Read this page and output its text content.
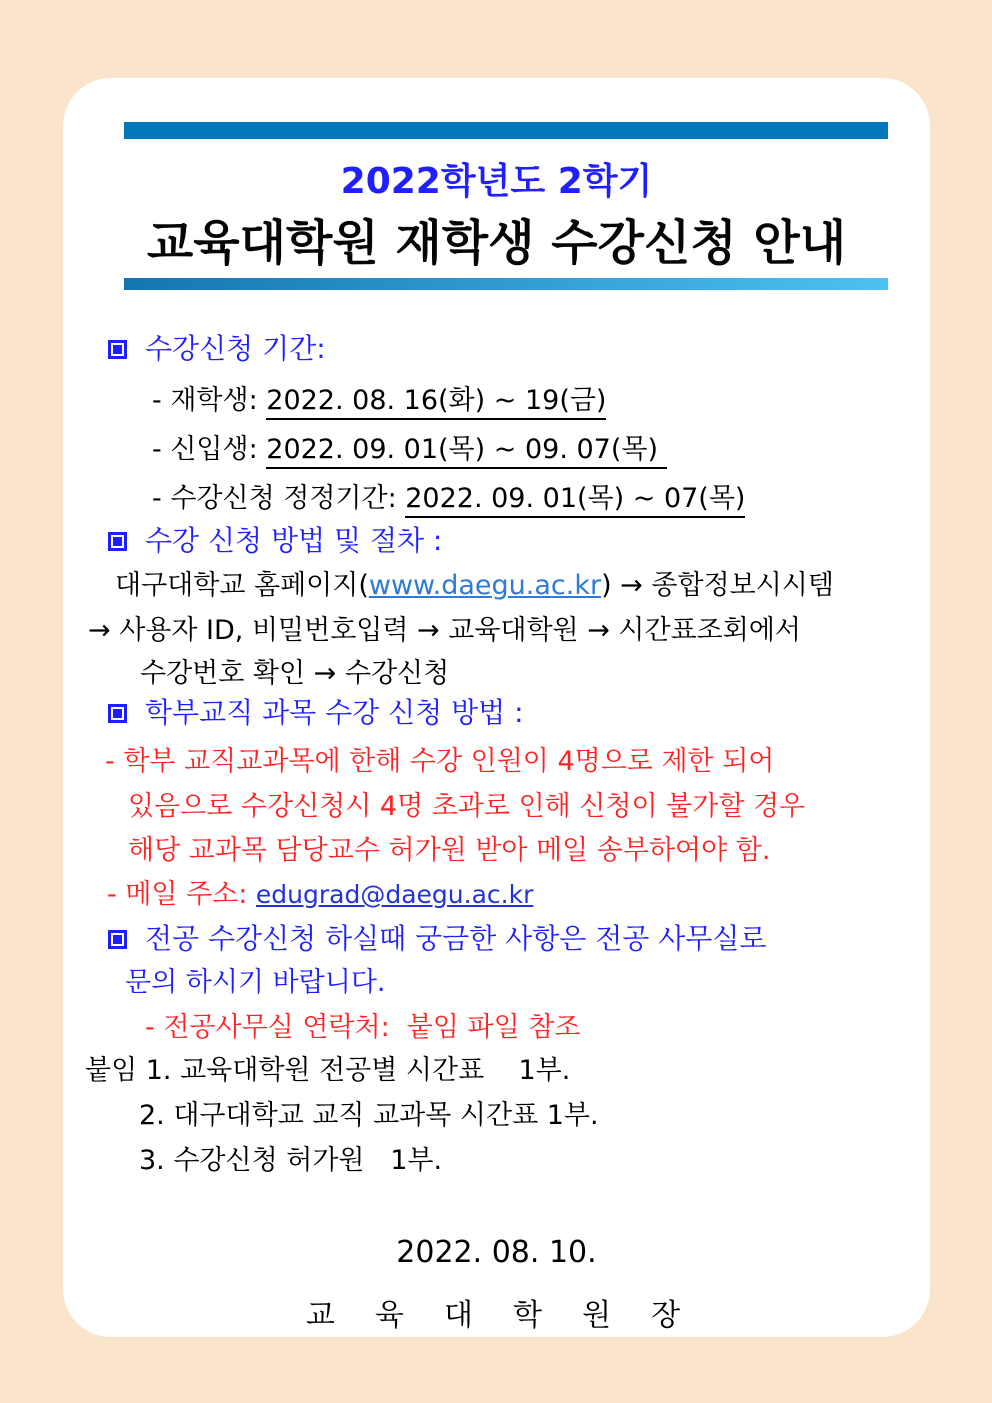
2022학년도 2학기
교육대학원 재학생 수강신청 안내
수강신청 기간:
- 재학생: 2022. 08. 16(화) ~ 19(금)
- 신입생: 2022. 09. 01(목) ~ 09. 07(목)
- 수강신청 정정기간: 2022. 09. 01(목) ~ 07(목)
수강 신청 방법 및 절차 :
대구대학교 홈페이지(www.daegu.ac.kr) → 종합정보시시템
→ 사용자 ID, 비밀번호입력 → 교육대학원 → 시간표조회에서
수강번호 확인 → 수강신청
학부교직 과목 수강 신청 방법 :
- 학부 교직교과목에 한해 수강 인원이 4명으로 제한 되어
있음으로 수강신청시 4명 초과로 인해 신청이 불가할 경우
해당 교과목 담당교수 허가원 받아 메일 송부하여야 함.
- 메일 주소: edugrad@daegu.ac.kr
전공 수강신청 하실때 궁금한 사항은 전공 사무실로
문의 하시기 바랍니다.
- 전공사무실 연락처:  붙임 파일 참조
붙임 1. 교육대학원 전공별 시간표    1부.
2. 대구대학교 교직 교과목 시간표 1부.
3. 수강신청 허가원   1부.
2022. 08. 10.
교  육  대  학  원  장
